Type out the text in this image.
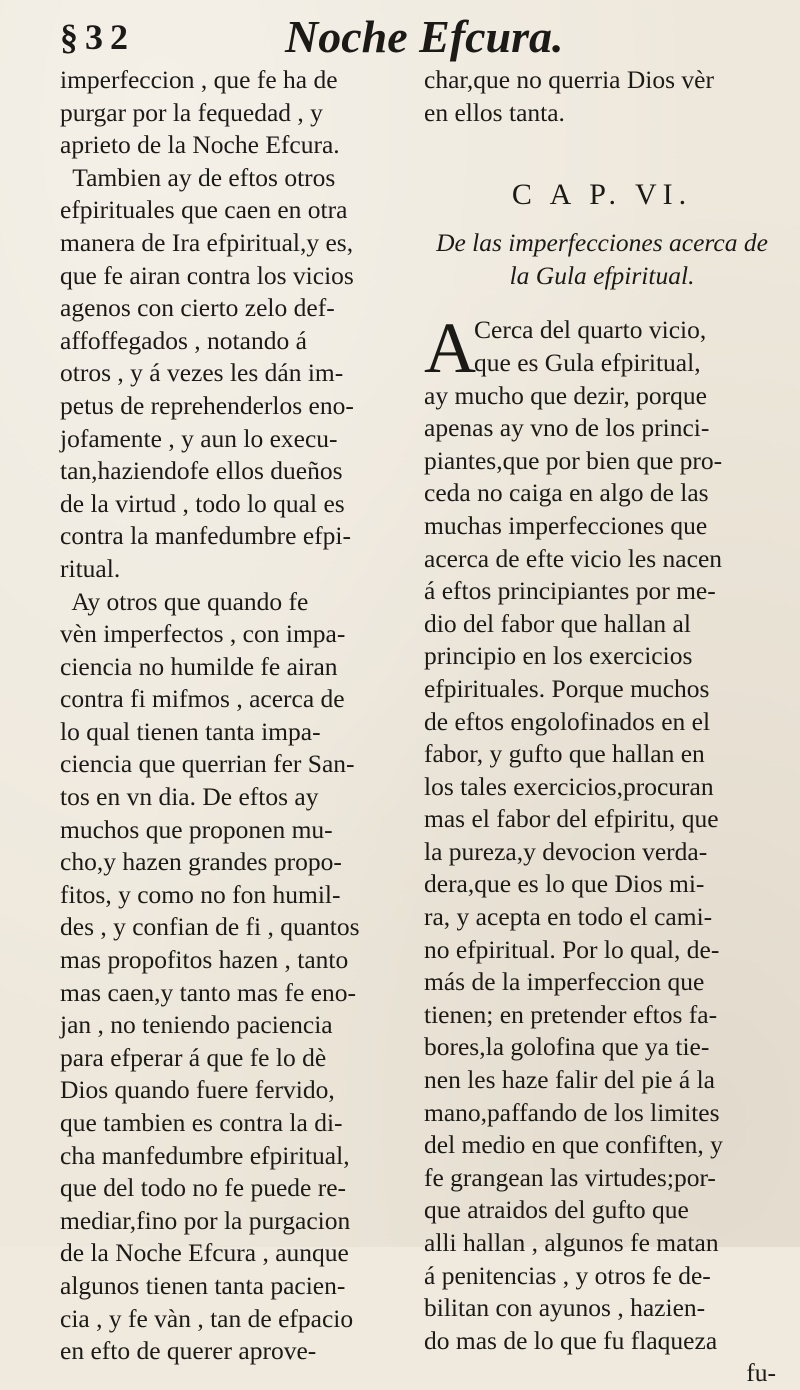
§ 3 2	Noche Efcura.
imperfeccion , que fe ha de
purgar por la fequedad , y
aprieto de la Noche Efcura.
Tambien ay de eftos otros
efpirituales que caen en otra
manera de Ira efpiritual,y es,
que fe airan contra los vicios
agenos con cierto zelo def-
affoffegados , notando á
otros , y á vezes les dán im-
petus de reprehenderlos eno-
jofamente , y aun lo execu-
tan,haziendofe ellos dueños
de la virtud , todo lo qual es
contra la manfedumbre efpi-
ritual.
Ay otros que quando fe
vèn imperfectos , con impa-
ciencia no humilde fe airan
contra fi mifmos , acerca de
lo qual tienen tanta impa-
ciencia que querrian fer San-
tos en vn dia. De eftos ay
muchos que proponen mu-
cho,y hazen grandes propo-
fitos, y como no fon humil-
des , y confian de fi , quantos
mas propofitos hazen , tanto
mas caen,y tanto mas fe eno-
jan , no teniendo paciencia
para efperar á que fe lo dè
Dios quando fuere fervido,
que tambien es contra la di-
cha manfedumbre efpiritual,
que del todo no fe puede re-
mediar,fino por la purgacion
de la Noche Efcura , aunque
algunos tienen tanta pacien-
cia , y fe vàn , tan de efpacio
en efto de querer aprove-
char,que no querria Dios vèr
en ellos tanta.
C A P. VI.
De las imperfecciones acerca de
la Gula efpiritual.
A
Cerca del quarto vicio,
que es Gula efpiritual,
ay mucho que dezir, porque
apenas ay vno de los princi-
piantes,que por bien que pro-
ceda no caiga en algo de las
muchas imperfecciones que
acerca de efte vicio les nacen
á eftos principiantes por me-
dio del fabor que hallan al
principio en los exercicios
efpirituales. Porque muchos
de eftos engolofinados en el
fabor, y gufto que hallan en
los tales exercicios,procuran
mas el fabor del efpiritu, que
la pureza,y devocion verda-
dera,que es lo que Dios mi-
ra, y acepta en todo el cami-
no efpiritual. Por lo qual, de-
más de la imperfeccion que
tienen; en pretender eftos fa-
bores,la golofina que ya tie-
nen les haze falir del pie á la
mano,paffando de los limites
del medio en que confiften, y
fe grangean las virtudes;por-
que atraidos del gufto que
alli hallan , algunos fe matan
á penitencias , y otros fe de-
bilitan con ayunos , hazien-
do mas de lo que fu flaqueza
fu-
